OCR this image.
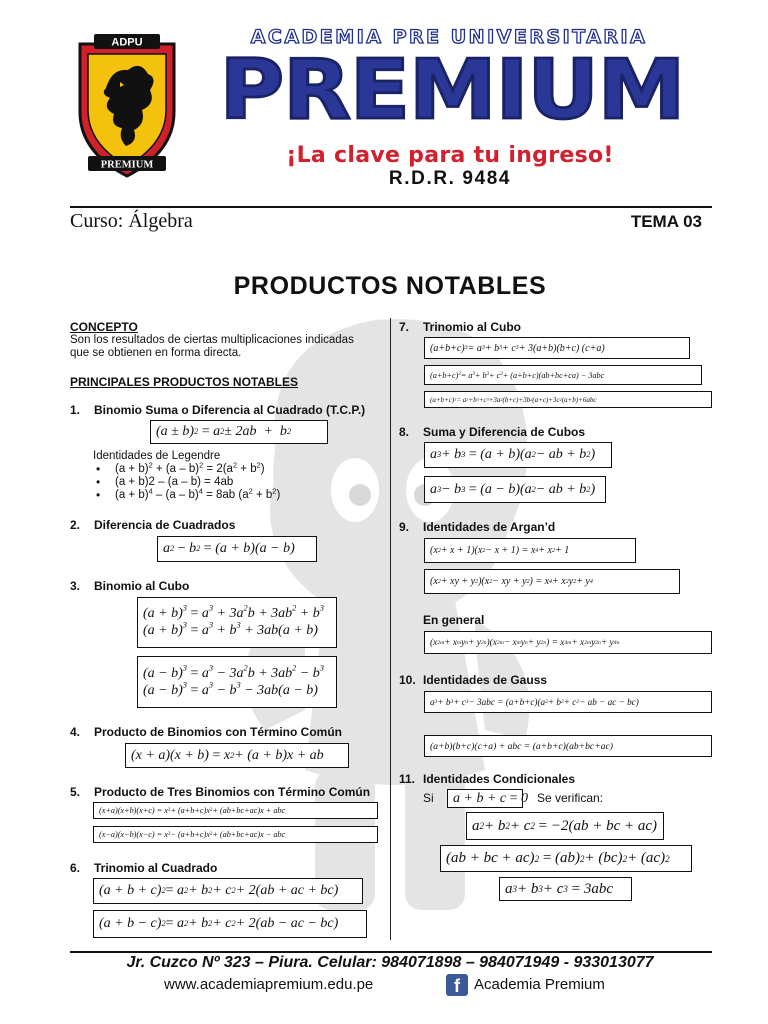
ADPU
PREMIUM
ACADEMIA PRE UNIVERSITARIA
PREMIUM
¡La clave para tu ingreso!
R.D.R. 9484
Curso: Álgebra	TEMA 03
PRODUCTOS NOTABLES
CONCEPTO
Son los resultados de ciertas multiplicaciones indicadas
que se obtienen en forma directa.
PRINCIPALES PRODUCTOS NOTABLES
1. Binomio Suma o Diferencia al Cuadrado (T.C.P.)
(a ± b) 2 = a 2 ± 2ab  +  b 2
Identidades de Legendre
• $(a + b)^2 + (a - b)^2 = 2(a^2 + b^2)$
• (a + b)2 – (a – b) = 4ab
• $(a + b)^4 - (a - b)^4 = 8ab$ $(a^2 + b^2)$
2. Diferencia de Cuadrados
a 2 − b 2 = (a + b)(a − b)
3. Binomio al Cubo
$(a + b)^3 = a^3 + 3a^2b + 3ab^2 + b^3$
$(a + b)^3 = a^3 + b^3 + 3ab(a + b)$
$(a - b)^3 = a^3 - 3a^2b + 3ab^2 - b^3$
$(a - b)^3 = a^3 - b^3 - 3ab(a - b)$
4. Producto de Binomios con Término Común
(x + a)(x + b) = x 2 + (a + b)x + ab
5. Producto de Tres Binomios con Término Común
(x+a)(x+b)(x+c) = x 3 + (a+b+c)x 2 + (ab+bc+ac)x + abc
(x−a)(x−b)(x−c) = x 3 − (a+b+c)x 2 + (ab+bc+ac)x − abc
6. Trinomio al Cuadrado
(a + b + c) 2 = a 2 + b 2 + c 2 + 2(ab + ac + bc)
(a + b − c) 2 = a 2 + b 2 + c 2 + 2(ab − ac − bc)
7. Trinomio al Cubo
(a+b+c) 3 = a 3 + b 3 + c 3 + 3(a+b)(b+c) (c+a)
(a+b+c) 3 = a 3 + b 3 + c 3 + (a+b+c)(ab+bc+ca) − 3abc
(a+b+c) 3 = a 3 +b 3 +c 3 +3a 2 (b+c)+3b 2 (a+c)+3c 2 (a+b)+6abc
8. Suma y Diferencia de Cubos
a 3 + b 3 = (a + b)(a 2 − ab + b 2 )
a 3 − b 3 = (a − b)(a 2 − ab + b 2 )
9. Identidades de Argan’d
(x 2 + x + 1)(x 2 − x + 1) = x 4 + x 2 + 1
(x 2 + xy + y 2 )(x 2 − xy + y 2 ) = x 4 + x 2 y 2 + y 4
En general
(x 2m + x m y n + y 2n )(x 2m − x m y n + y 2n ) = x 4m + x 2m y 2n + y 4n
10. Identidades de Gauss
a 3 + b 3 + c 3 − 3abc = (a+b+c)(a 2 + b 2 + c 2 − ab − ac − bc)
(a+b)(b+c)(c+a) + abc = (a+b+c)(ab+bc+ac)
11. Identidades Condicionales
Si	a + b + c = 0 Se verifican:
a 2 + b 2 + c 2 = −2(ab + bc + ac)
(ab + bc + ac) 2 = (ab) 2 + (bc) 2 + (ac) 2
a 3 + b 3 + c 3 = 3abc
Jr. Cuzco Nº 323 – Piura. Celular: 984071898 – 984071949 - 933013077
www.academiapremium.edu.pe	f Academia Premium
